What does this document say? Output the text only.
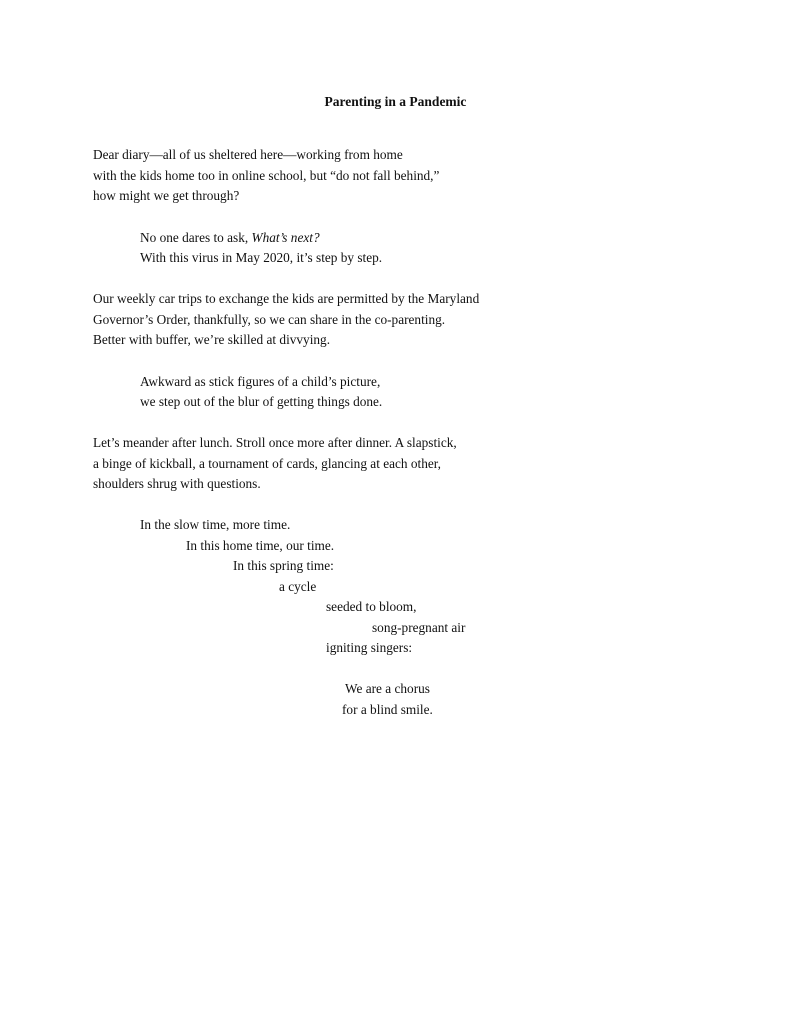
Parenting in a Pandemic
Dear diary—all of us sheltered here—working from home
with the kids home too in online school, but “do not fall behind,”
how might we get through?
No one dares to ask, What’s next?
With this virus in May 2020, it’s step by step.
Our weekly car trips to exchange the kids are permitted by the Maryland
Governor’s Order, thankfully, so we can share in the co-parenting.
Better with buffer, we’re skilled at divvying.
Awkward as stick figures of a child’s picture,
we step out of the blur of getting things done.
Let’s meander after lunch. Stroll once more after dinner. A slapstick,
a binge of kickball, a tournament of cards, glancing at each other,
shoulders shrug with questions.
In the slow time, more time.
In this home time, our time.
In this spring time:
a cycle
seeded to bloom,
song-pregnant air
igniting singers:
We are a chorus
for a blind smile.
